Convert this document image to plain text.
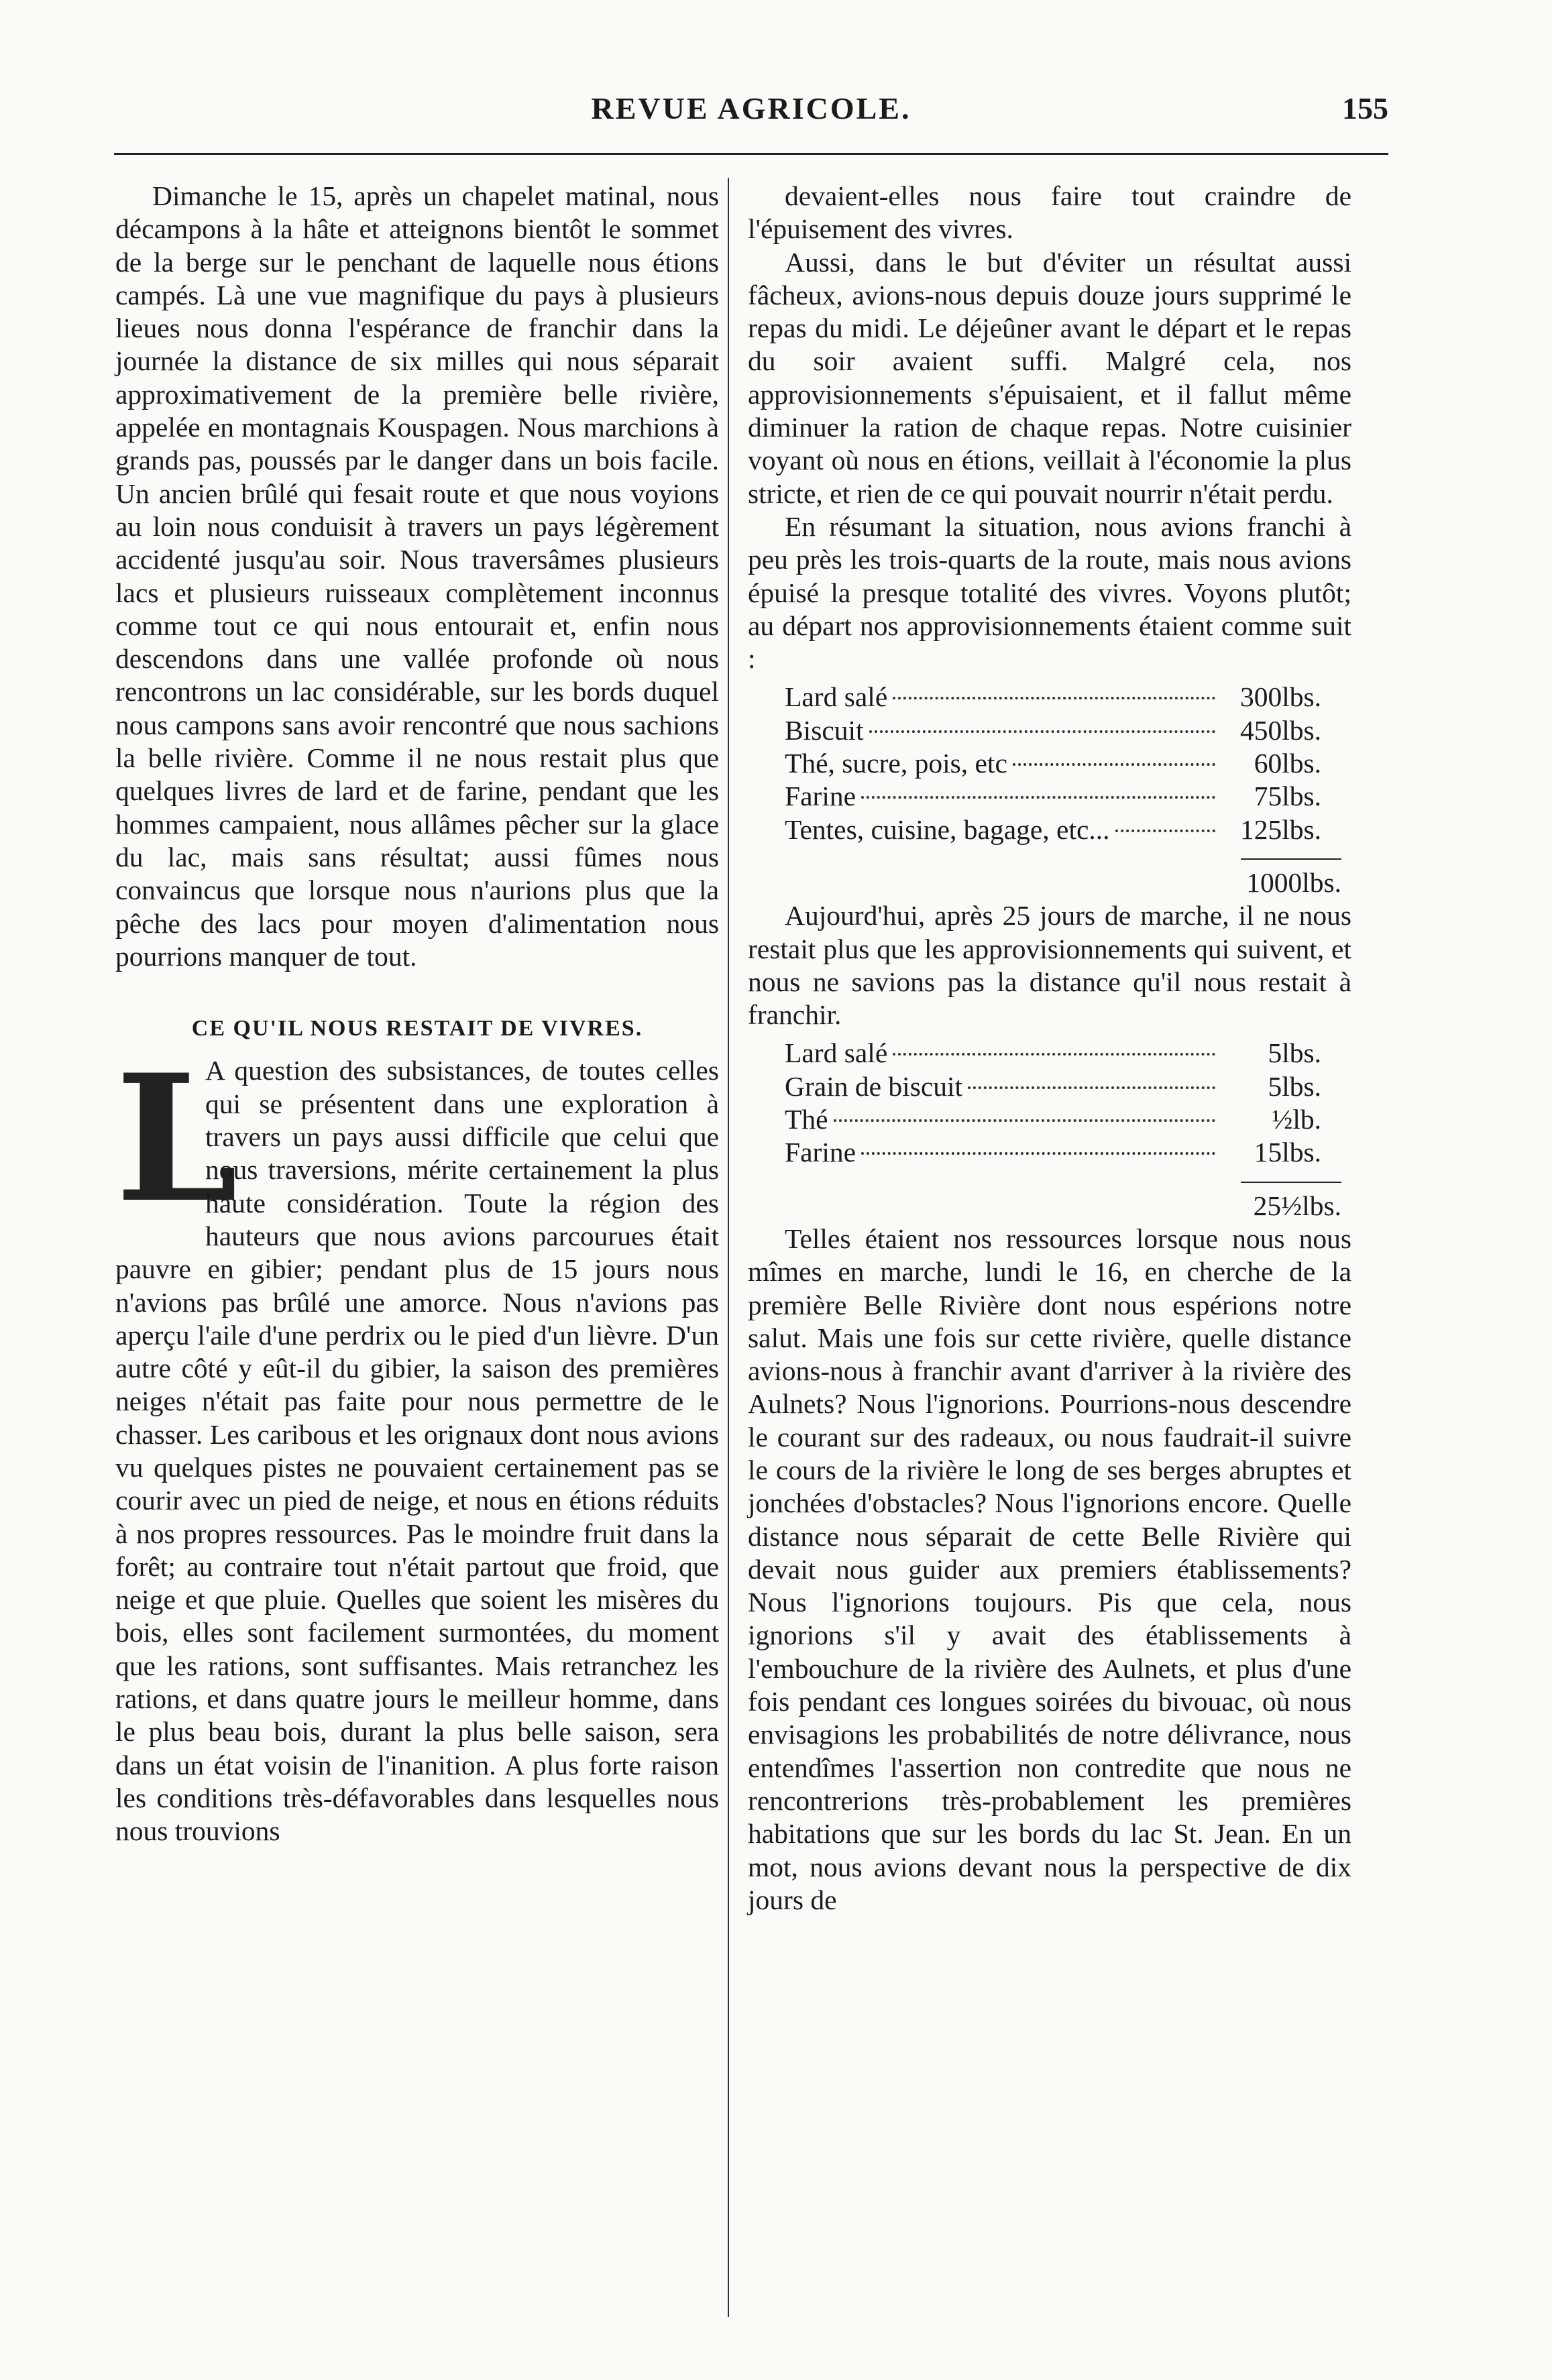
REVUE AGRICOLE.	155

Dimanche le 15, après un chapelet matinal, nous décampons à la hâte et atteignons bientôt le sommet de la berge sur le penchant de laquelle nous étions campés. Là une vue magnifique du pays à plusieurs lieues nous donna l'espérance de franchir dans la journée la distance de six milles qui nous séparait approximativement de la première belle rivière, appelée en montagnais Kouspagen. Nous marchions à grands pas, poussés par le danger dans un bois facile. Un ancien brûlé qui fesait route et que nous voyions au loin nous conduisit à travers un pays légèrement accidenté jusqu'au soir. Nous traversâmes plusieurs lacs et plusieurs ruisseaux complètement inconnus comme tout ce qui nous entourait et, enfin nous descendons dans une vallée profonde où nous rencontrons un lac considérable, sur les bords duquel nous campons sans avoir rencontré que nous sachions la belle rivière. Comme il ne nous restait plus que quelques livres de lard et de farine, pendant que les hommes campaient, nous allâmes pêcher sur la glace du lac, mais sans résultat; aussi fûmes nous convaincus que lorsque nous n'aurions plus que la pêche des lacs pour moyen d'alimentation nous pourrions manquer de tout.

CE QU'IL NOUS RESTAIT DE VIVRES.
L

A question des subsistances, de toutes celles qui se présentent dans une exploration à travers un pays aussi difficile que celui que nous traversions, mérite certainement la plus haute considération. Toute la région des hauteurs que nous avions parcourues était pauvre en gibier; pendant plus de 15 jours nous n'avions pas brûlé une amorce. Nous n'avions pas aperçu l'aile d'une perdrix ou le pied d'un lièvre. D'un autre côté y eût-il du gibier, la saison des premières neiges n'était pas faite pour nous permettre de le chasser. Les caribous et les orignaux dont nous avions vu quelques pistes ne pouvaient certainement pas se courir avec un pied de neige, et nous en étions réduits à nos propres ressources. Pas le moindre fruit dans la forêt; au contraire tout n'était partout que froid, que neige et que pluie. Quelles que soient les misères du bois, elles sont facilement surmontées, du moment que les rations, sont suffisantes. Mais retranchez les rations, et dans quatre jours le meilleur homme, dans le plus beau bois, durant la plus belle saison, sera dans un état voisin de l'inanition. A plus forte raison les conditions très-défavorables dans lesquelles nous nous trouvions

devaient-elles nous faire tout craindre de l'épuisement des vivres.

Aussi, dans le but d'éviter un résultat aussi fâcheux, avions-nous depuis douze jours supprimé le repas du midi. Le déjeûner avant le départ et le repas du soir avaient suffi. Malgré cela, nos approvisionnements s'épuisaient, et il fallut même diminuer la ration de chaque repas. Notre cuisinier voyant où nous en étions, veillait à l'économie la plus stricte, et rien de ce qui pouvait nourrir n'était perdu.

En résumant la situation, nous avions franchi à peu près les trois-quarts de la route, mais nous avions épuisé la presque totalité des vivres. Voyons plutôt; au départ nos approvisionnements étaient comme suit :

Lard salé	300lbs.
Biscuit	450lbs.
Thé, sucre, pois, etc	60lbs.
Farine	75lbs.
Tentes, cuisine, bagage, etc...	125lbs.
1000lbs.

Aujourd'hui, après 25 jours de marche, il ne nous restait plus que les approvisionnements qui suivent, et nous ne savions pas la distance qu'il nous restait à franchir.

Lard salé	5lbs.
Grain de biscuit	5lbs.
Thé	½lb.
Farine	15lbs.
25½lbs.

Telles étaient nos ressources lorsque nous nous mîmes en marche, lundi le 16, en cherche de la première Belle Rivière dont nous espérions notre salut. Mais une fois sur cette rivière, quelle distance avions-nous à franchir avant d'arriver à la rivière des Aulnets? Nous l'ignorions. Pourrions-nous descendre le courant sur des radeaux, ou nous faudrait-il suivre le cours de la rivière le long de ses berges abruptes et jonchées d'obstacles? Nous l'ignorions encore. Quelle distance nous séparait de cette Belle Rivière qui devait nous guider aux premiers établissements? Nous l'ignorions toujours. Pis que cela, nous ignorions s'il y avait des établissements à l'embouchure de la rivière des Aulnets, et plus d'une fois pendant ces longues soirées du bivouac, où nous envisagions les probabilités de notre délivrance, nous entendîmes l'assertion non contredite que nous ne rencontrerions très-probablement les premières habitations que sur les bords du lac St. Jean. En un mot, nous avions devant nous la perspective de dix jours de
